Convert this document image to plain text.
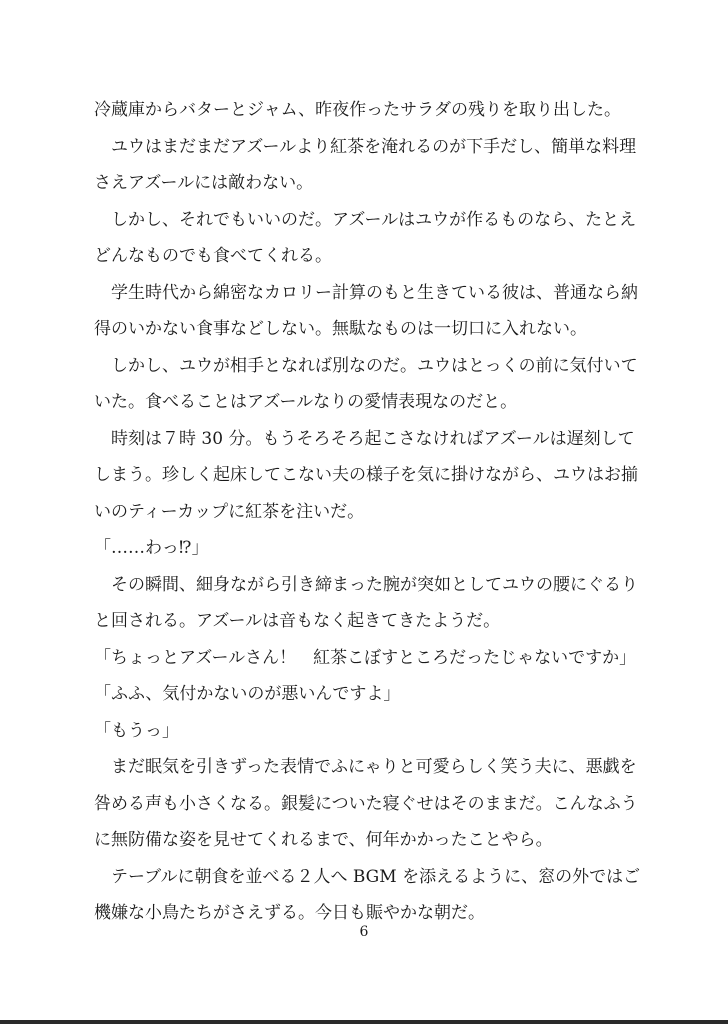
冷蔵庫からバターとジャム、昨夜作ったサラダの残りを取り出した。
　ユウはまだまだアズールより紅茶を淹れるのが下手だし、簡単な料理
さえアズールには敵わない。
　しかし、それでもいいのだ。アズールはユウが作るものなら、たとえ
どんなものでも食べてくれる。
　学生時代から綿密なカロリー計算のもと生きている彼は、普通なら納
得のいかない食事などしない。無駄なものは一切口に入れない。
　しかし、ユウが相手となれば別なのだ。ユウはとっくの前に気付いて
いた。食べることはアズールなりの愛情表現なのだと。
　時刻は７時 30 分。もうそろそろ起こさなければアズールは遅刻して
しまう。珍しく起床してこない夫の様子を気に掛けながら、ユウはお揃
いのティーカップに紅茶を注いだ。
「……わっ⁉」
　その瞬間、細身ながら引き締まった腕が突如としてユウの腰にぐるり
と回される。アズールは音もなく起きてきたようだ。
「ちょっとアズールさん！　紅茶こぼすところだったじゃないですか」
「ふふ、気付かないのが悪いんですよ」
「もうっ」
　まだ眠気を引きずった表情でふにゃりと可愛らしく笑う夫に、悪戯を
咎める声も小さくなる。銀髪についた寝ぐせはそのままだ。こんなふう
に無防備な姿を見せてくれるまで、何年かかったことやら。
　テーブルに朝食を並べる２人へ BGM を添えるように、窓の外ではご
機嫌な小鳥たちがさえずる。今日も賑やかな朝だ。
6
